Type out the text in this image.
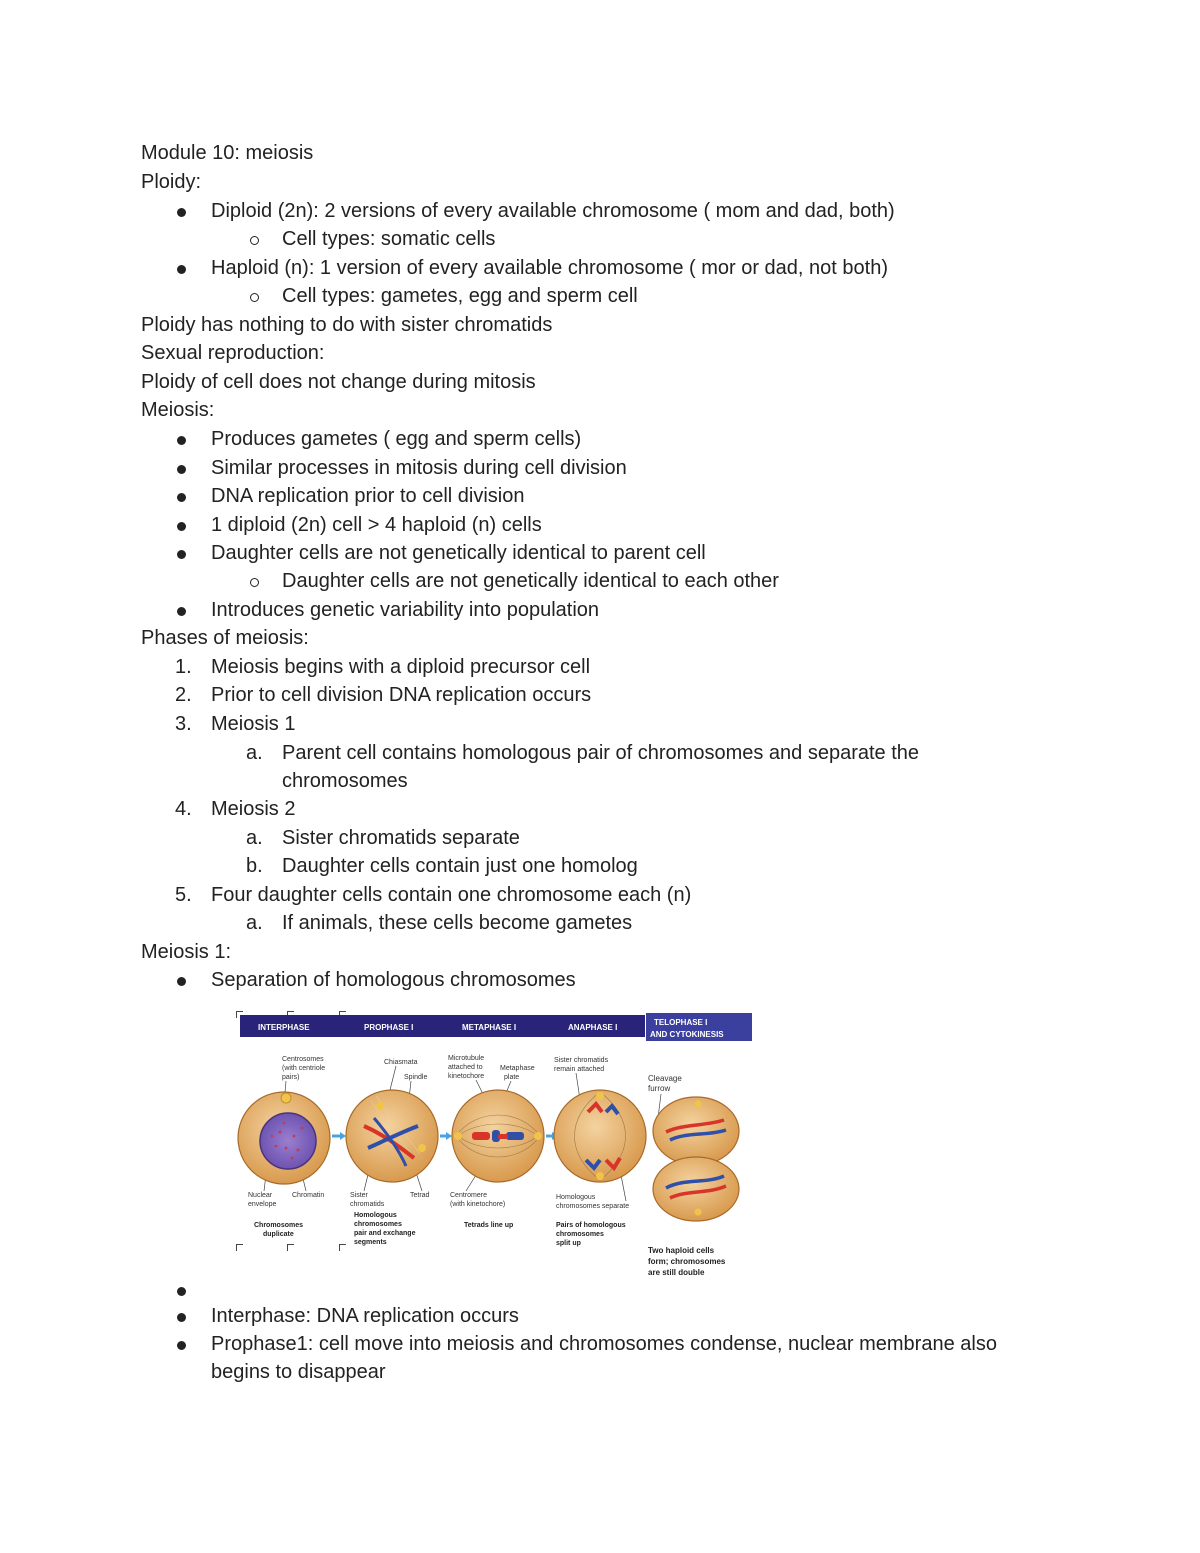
Module 10: meiosis
Ploidy:
Diploid (2n): 2 versions of every available chromosome ( mom and dad, both)
Cell types: somatic cells
Haploid (n): 1 version of every available chromosome ( mor or dad, not both)
Cell types: gametes, egg and sperm cell
Ploidy has nothing to do with sister chromatids
Sexual reproduction:
Ploidy of cell does not change during mitosis
Meiosis:
Produces gametes ( egg and sperm cells)
Similar processes in mitosis during cell division
DNA replication prior to cell division
1 diploid (2n) cell > 4 haploid (n) cells
Daughter cells are not genetically identical to parent cell
Daughter cells are not genetically identical to each other
Introduces genetic variability into population
Phases of meiosis:
1. Meiosis begins with a diploid precursor cell
2. Prior to cell division DNA replication occurs
3. Meiosis 1
a. Parent cell contains homologous pair of chromosomes and separate the
chromosomes
4. Meiosis 2
a. Sister chromatids separate
b. Daughter cells contain just one homolog
5. Four daughter cells contain one chromosome each (n)
a. If animals, these cells become gametes
Meiosis 1:
Separation of homologous chromosomes
INTERPHASE	PROPHASE I	METAPHASE I	ANAPHASE I
TELOPHASE I
AND CYTOKINESIS
Centrosomes
(with centriole
pairs)
Chiasmata
Spindle
Microtubule
attached to
kinetochore
Metaphase
plate
Sister chromatids
remain attached
Cleavage
furrow
Nuclear
envelope
Chromatin	Sister
chromatids
Tetrad	Centromere
(with kinetochore)
Homologous
chromosomes separate
Chromosomes
duplicate
Homologous
chromosomes
pair and exchange
segments
Tetrads line up	Pairs of homologous
chromosomes
split up
Two haploid cells
form; chromosomes
are still double
Interphase: DNA replication occurs
Prophase1: cell move into meiosis and chromosomes condense, nuclear membrane also
begins to disappear
